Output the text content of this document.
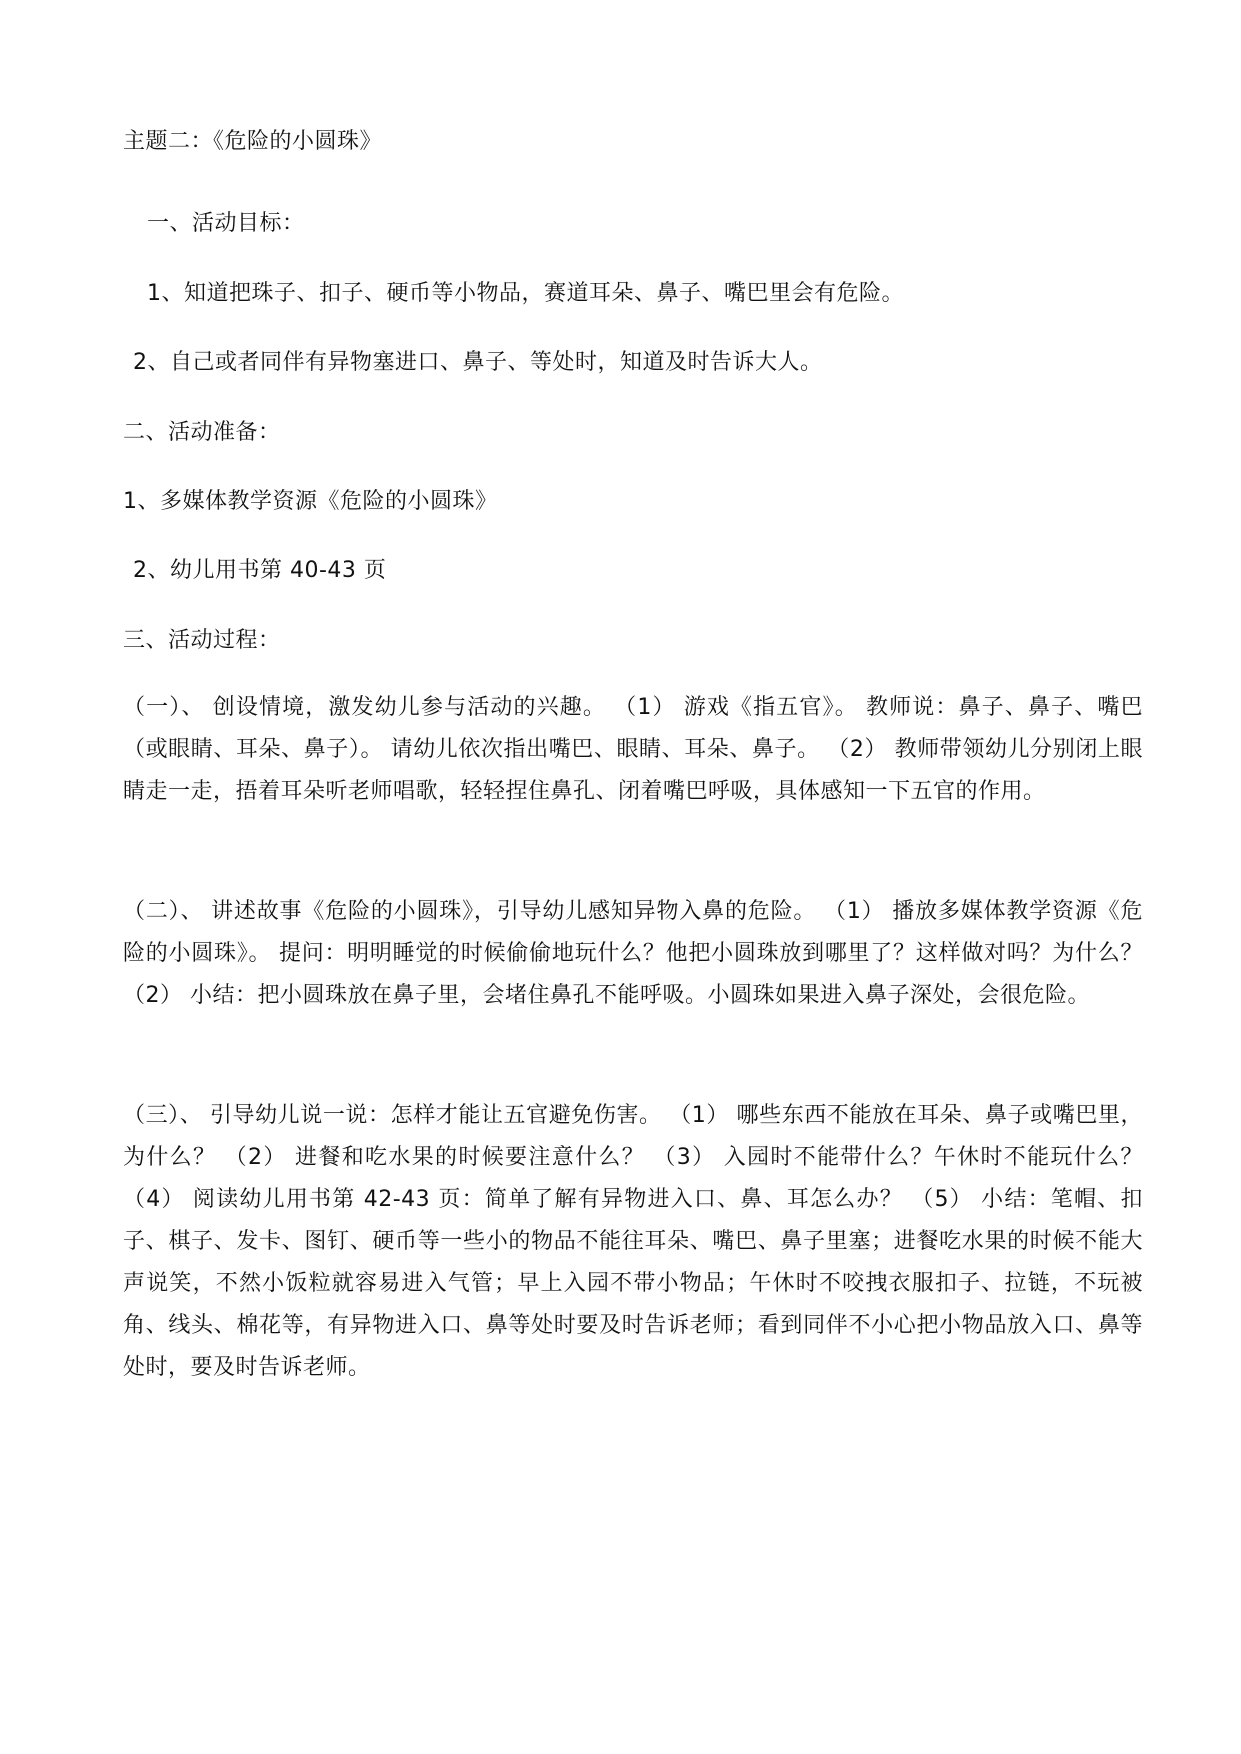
主题二：《危险的小圆珠》
一、活动目标：
1、知道把珠子、扣子、硬币等小物品，赛道耳朵、鼻子、嘴巴里会有危险。
2、自己或者同伴有异物塞进口、鼻子、等处时，知道及时告诉大人。
二、活动准备：
1、多媒体教学资源《危险的小圆珠》
2、幼儿用书第 40-43 页
三、活动过程：
（一）、 创设情境，激发幼儿参与活动的兴趣。 （1） 游戏《指五官》。 教师说：鼻子、鼻子、嘴巴（或眼睛、耳朵、鼻子）。 请幼儿依次指出嘴巴、眼睛、耳朵、鼻子。 （2） 教师带领幼儿分别闭上眼睛走一走，捂着耳朵听老师唱歌，轻轻捏住鼻孔、闭着嘴巴呼吸，具体感知一下五官的作用。
（二）、 讲述故事《危险的小圆珠》，引导幼儿感知异物入鼻的危险。 （1） 播放多媒体教学资源《危险的小圆珠》。 提问：明明睡觉的时候偷偷地玩什么？他把小圆珠放到哪里了？这样做对吗？为什么？ （2） 小结：把小圆珠放在鼻子里，会堵住鼻孔不能呼吸。小圆珠如果进入鼻子深处，会很危险。
（三）、 引导幼儿说一说：怎样才能让五官避免伤害。 （1） 哪些东西不能放在耳朵、鼻子或嘴巴里，为什么？ （2） 进餐和吃水果的时候要注意什么？ （3） 入园时不能带什么？午休时不能玩什么？ （4） 阅读幼儿用书第 42-43 页：简单了解有异物进入口、鼻、耳怎么办？ （5） 小结：笔帽、扣子、棋子、发卡、图钉、硬币等一些小的物品不能往耳朵、嘴巴、鼻子里塞；进餐吃水果的时候不能大声说笑，不然小饭粒就容易进入气管；早上入园不带小物品；午休时不咬拽衣服扣子、拉链，不玩被角、线头、棉花等，有异物进入口、鼻等处时要及时告诉老师；看到同伴不小心把小物品放入口、鼻等处时，要及时告诉老师。
